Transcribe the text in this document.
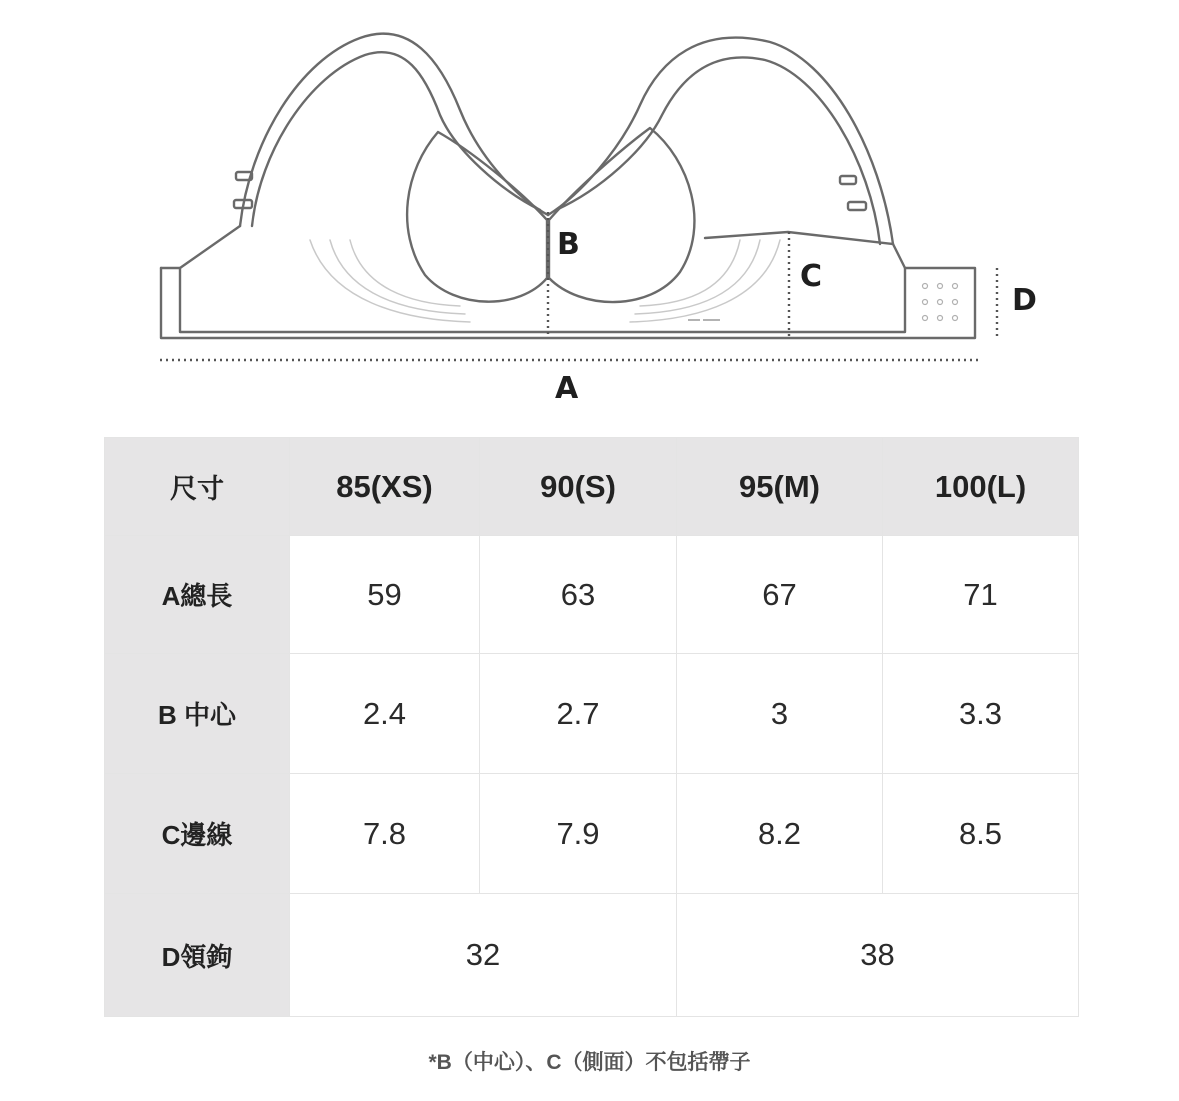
A
B
C
D
尺寸	85(XS)	90(S)	95(M)	100(L)
A總長	59	63	67	71
B 中心	2.4	2.7	3	3.3
C邊線	7.8	7.9	8.2	8.5
D領鉤	32		38	
*B（中心）、C（側面）不包括帶子
